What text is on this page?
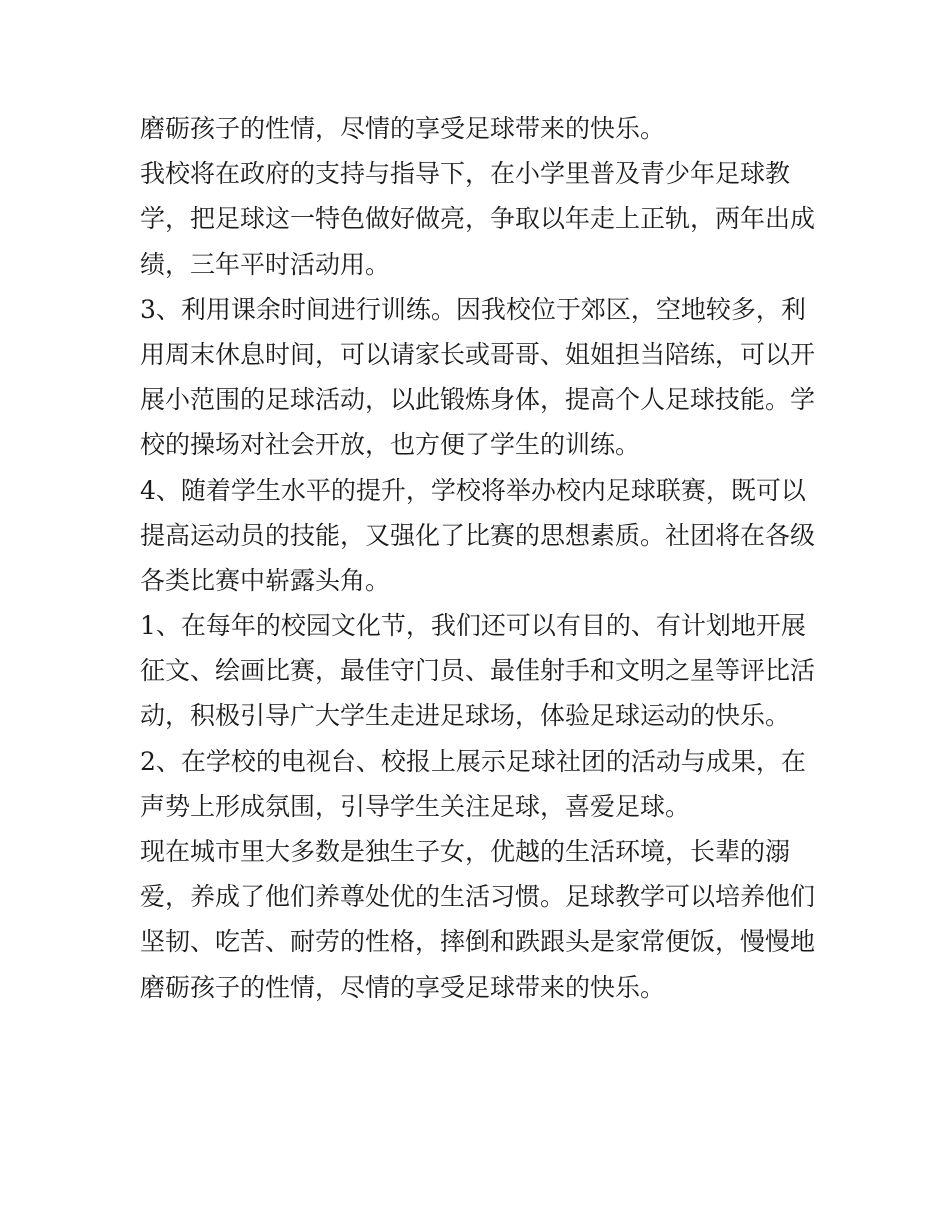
磨砺孩子的性情，尽情的享受足球带来的快乐。
我校将在政府的支持与指导下，在小学里普及青少年足球教
学，把足球这一特色做好做亮，争取以年走上正轨，两年出成
绩，三年平时活动用。
3、利用课余时间进行训练。因我校位于郊区，空地较多，利
用周末休息时间，可以请家长或哥哥、姐姐担当陪练，可以开
展小范围的足球活动，以此锻炼身体，提高个人足球技能。学
校的操场对社会开放，也方便了学生的训练。
4、随着学生水平的提升，学校将举办校内足球联赛，既可以
提高运动员的技能，又强化了比赛的思想素质。社团将在各级
各类比赛中崭露头角。
1、在每年的校园文化节，我们还可以有目的、有计划地开展
征文、绘画比赛，最佳守门员、最佳射手和文明之星等评比活
动，积极引导广大学生走进足球场，体验足球运动的快乐。
2、在学校的电视台、校报上展示足球社团的活动与成果，在
声势上形成氛围，引导学生关注足球，喜爱足球。
现在城市里大多数是独生子女，优越的生活环境，长辈的溺
爱，养成了他们养尊处优的生活习惯。足球教学可以培养他们
坚韧、吃苦、耐劳的性格，摔倒和跌跟头是家常便饭，慢慢地
磨砺孩子的性情，尽情的享受足球带来的快乐。
